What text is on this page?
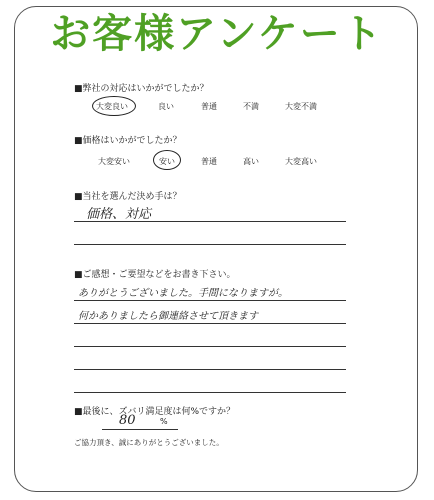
お客様アンケート
■弊社の対応はいかがでしたか？
大変良い	良い	普通	不満	大変不満
■価格はいかがでしたか？
大変安い	安い	普通	高い	大変高い
■当社を選んだ決め手は？
価格、対応
■ご感想・ご要望などをお書き下さい。
ありがとうございました。手間になりますが。
何かありましたら御連絡させて頂きます
■最後に、ズバリ満足度は何%ですか？
80	%
ご協力頂き、誠にありがとうございました。
